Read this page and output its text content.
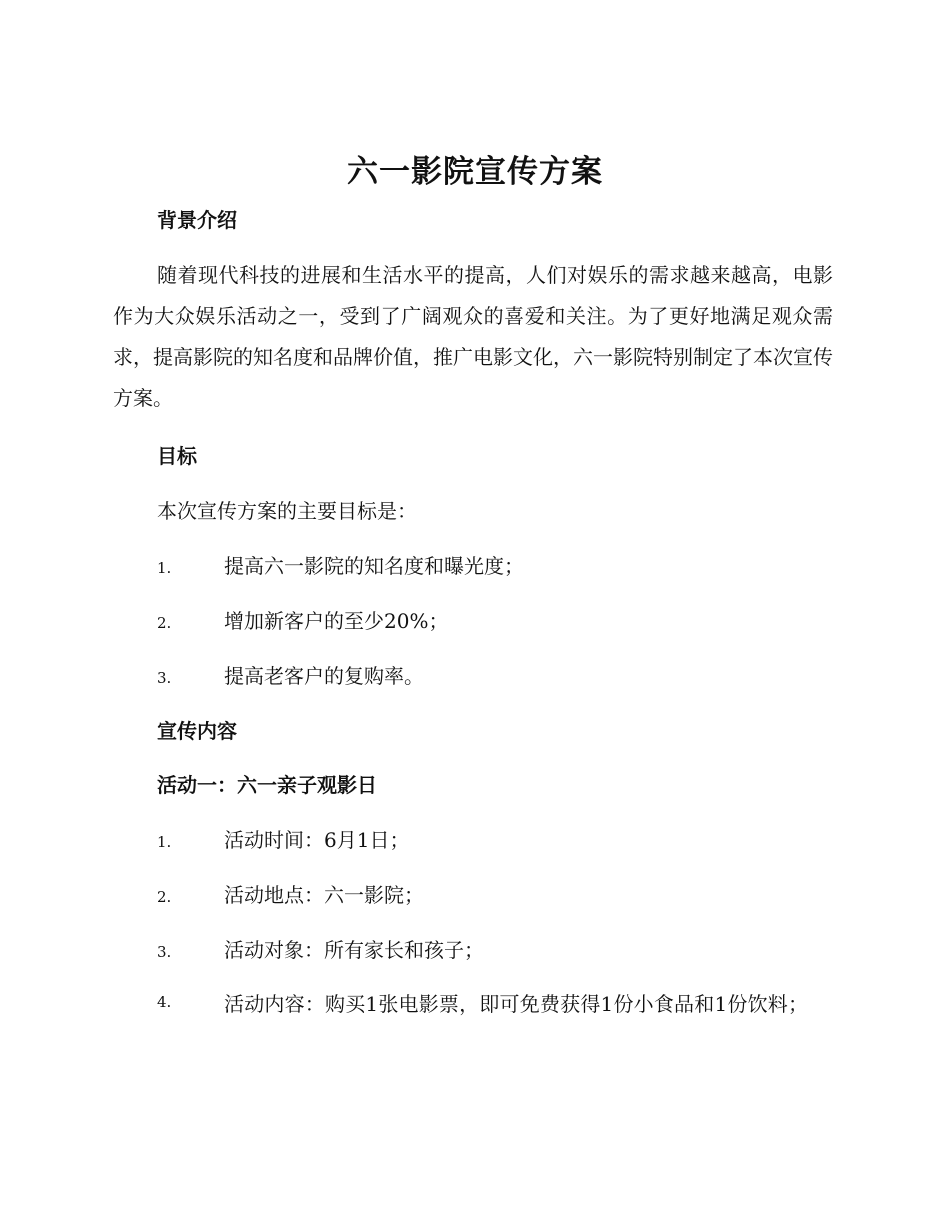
六一影院宣传方案
背景介绍
随着现代科技的进展和生活水平的提高，人们对娱乐的需求越来越高，电影作为大众娱乐活动之一，受到了广阔观众的喜爱和关注。为了更好地满足观众需求，提高影院的知名度和品牌价值，推广电影文化，六一影院特别制定了本次宣传方案。
目标
本次宣传方案的主要目标是：
1.	提高六一影院的知名度和曝光度；
2.	增加新客户的至少20%；
3.	提高老客户的复购率。
宣传内容
活动一：六一亲子观影日
1.	活动时间：6月1日；
2.	活动地点：六一影院；
3.	活动对象：所有家长和孩子；
4.	活动内容：购买1张电影票，即可免费获得1份小食品和1份饮料；
